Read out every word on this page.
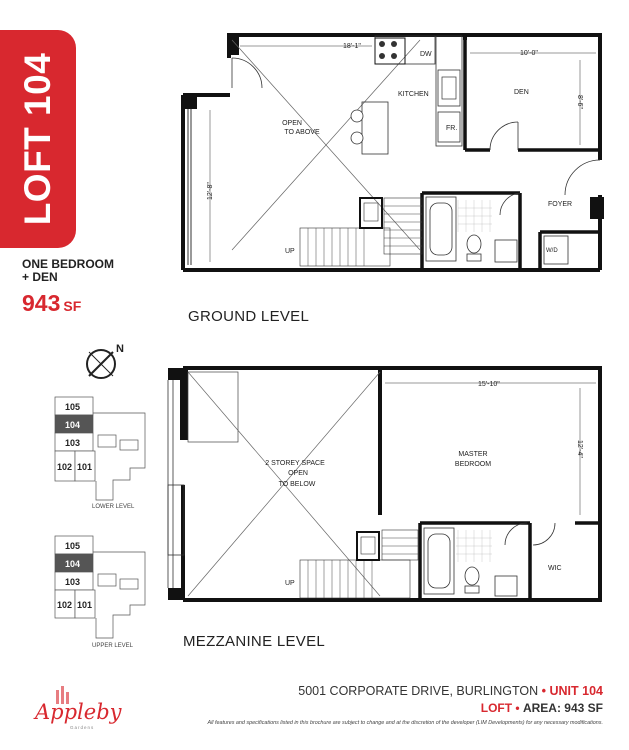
LOFT 104
ONE BEDROOM
+ DEN
943 SF
GROUND LEVEL
MEZZANINE LEVEL
18'-1"
10'-0"
8'-6"
12'-8"
OPEN
TO ABOVE
KITCHEN
DW
FR.
DEN
FOYER
W/D
UP
N
105
104
103
102 101
LOWER LEVEL
105
104
103
102 101
UPPER LEVEL
15'-10"
12'-4"
2 STOREY SPACE
OPEN
TO BELOW
MASTER
BEDROOM
WIC
UP
Appleby
Gardens
5001 CORPORATE DRIVE, BURLINGTON • UNIT 104
LOFT • AREA: 943 SF
All features and specifications listed in this brochure are subject to change and at the discretion of the developer (LIM Developments) for any necessary modifications.
